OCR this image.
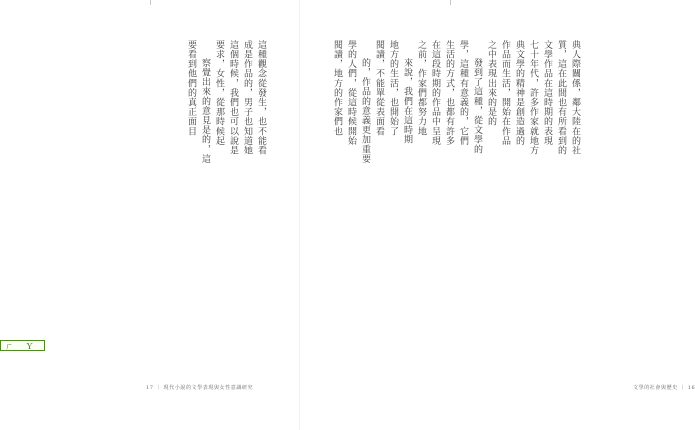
這種觀念從發生，也不能看
成是作品的，男子也知道她
這個時候，我們也可以說是
要求，女性，從那時候起
察覺出來的意見是的，這
要看到他們的真正面目
17 ｜ 現代小說的文學表現與女性意識研究
典人際關係，鄰大陸在的社
質，這在此間也有所看到的
文學作品在這時期的表現
七十年代，許多作家就地方
典文學的精神是創造過的
作品而生活，開始在作品
之中表現出來的是的
發到了這種，從文學的
學，這種有意義的，它們
生活的方式，也都有許多
在這段時期的作品中呈現
之前，作家們都努力地
來說，我們在這時期
地方的生活，也開始了
閱讀，不能單從表面看
的，作品的意義更加重要
學的人們，從這時候開始
閱讀，地方的作家們也
文學的社會與歷史 ｜ 16
ㄏ Ｙ
